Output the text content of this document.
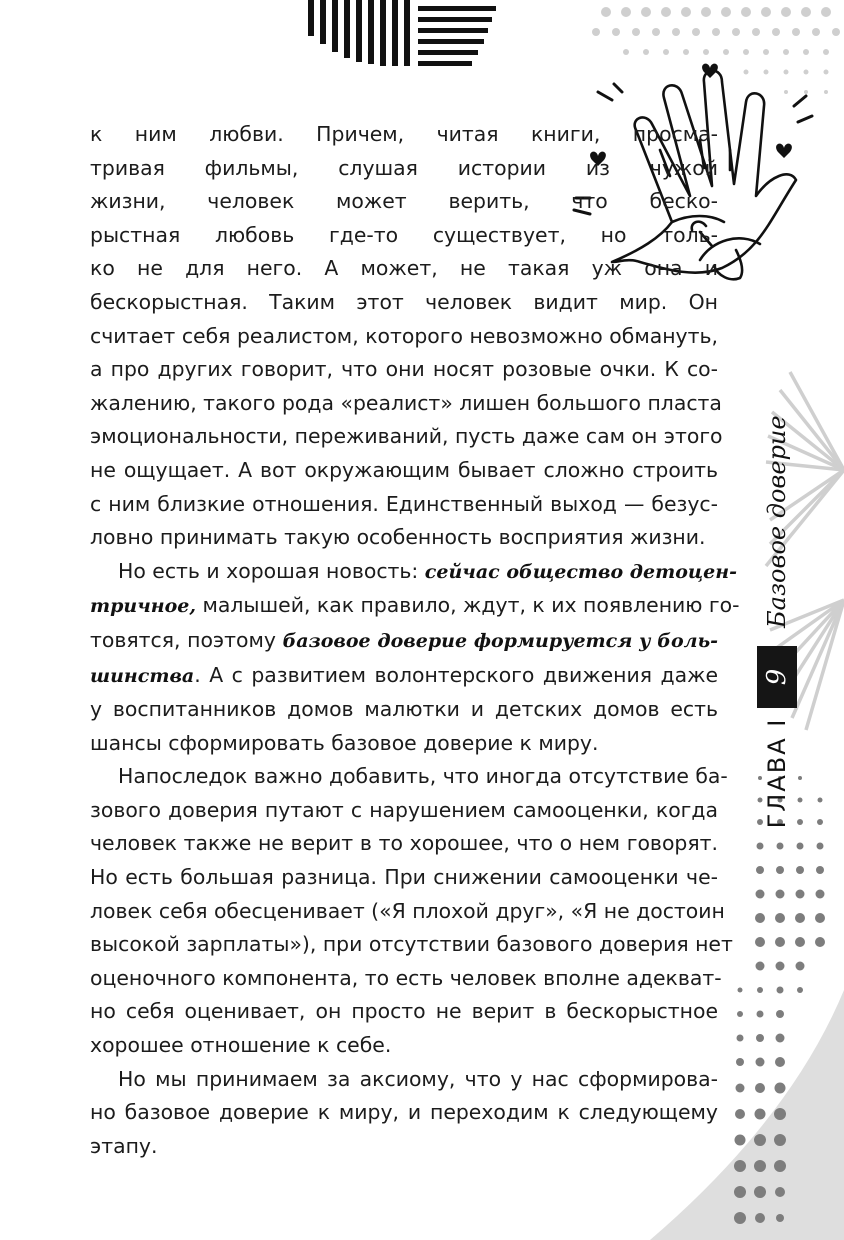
к ним любви. Причем, читая книги, просма-
тривая фильмы, слушая истории из чужой
жизни, человек может верить, что беско-
рыстная любовь где-то существует, но толь-
ко не для него. А может, не такая уж она и
бескорыстная. Таким этот человек видит мир. Он
считает себя реалистом, которого невозможно обмануть,
а про других говорит, что они носят розовые очки. К со-
жалению, такого рода «реалист» лишен большого пласта
эмоциональности, переживаний, пусть даже сам он этого
не ощущает. А вот окружающим бывает сложно строить
с ним близкие отношения. Единственный выход — безус-
ловно принимать такую особенность восприятия жизни.

Но есть и хорошая новость: сейчас общество детоцен-
тричное, малышей, как правило, ждут, к их появлению го-
товятся, поэтому базовое доверие формируется у боль-
шинства. А с развитием волонтерского движения даже
у воспитанников домов малютки и детских домов есть
шансы сформировать базовое доверие к миру.

Напоследок важно добавить, что иногда отсутствие ба-
зового доверия путают с нарушением самооценки, когда
человек также не верит в то хорошее, что о нем говорят.
Но есть большая разница. При снижении самооценки че-
ловек себя обесценивает («Я плохой друг», «Я не достоин
высокой зарплаты»), при отсутствии базового доверия нет
оценочного компонента, то есть человек вполне адекват-
но себя оценивает, он просто не верит в бескорыстное
хорошее отношение к себе.

Но мы принимаем за аксиому, что у нас сформирова-
но базовое доверие к миру, и переходим к следующему
этапу.

ГЛАВА I
9
Базовое доверие
